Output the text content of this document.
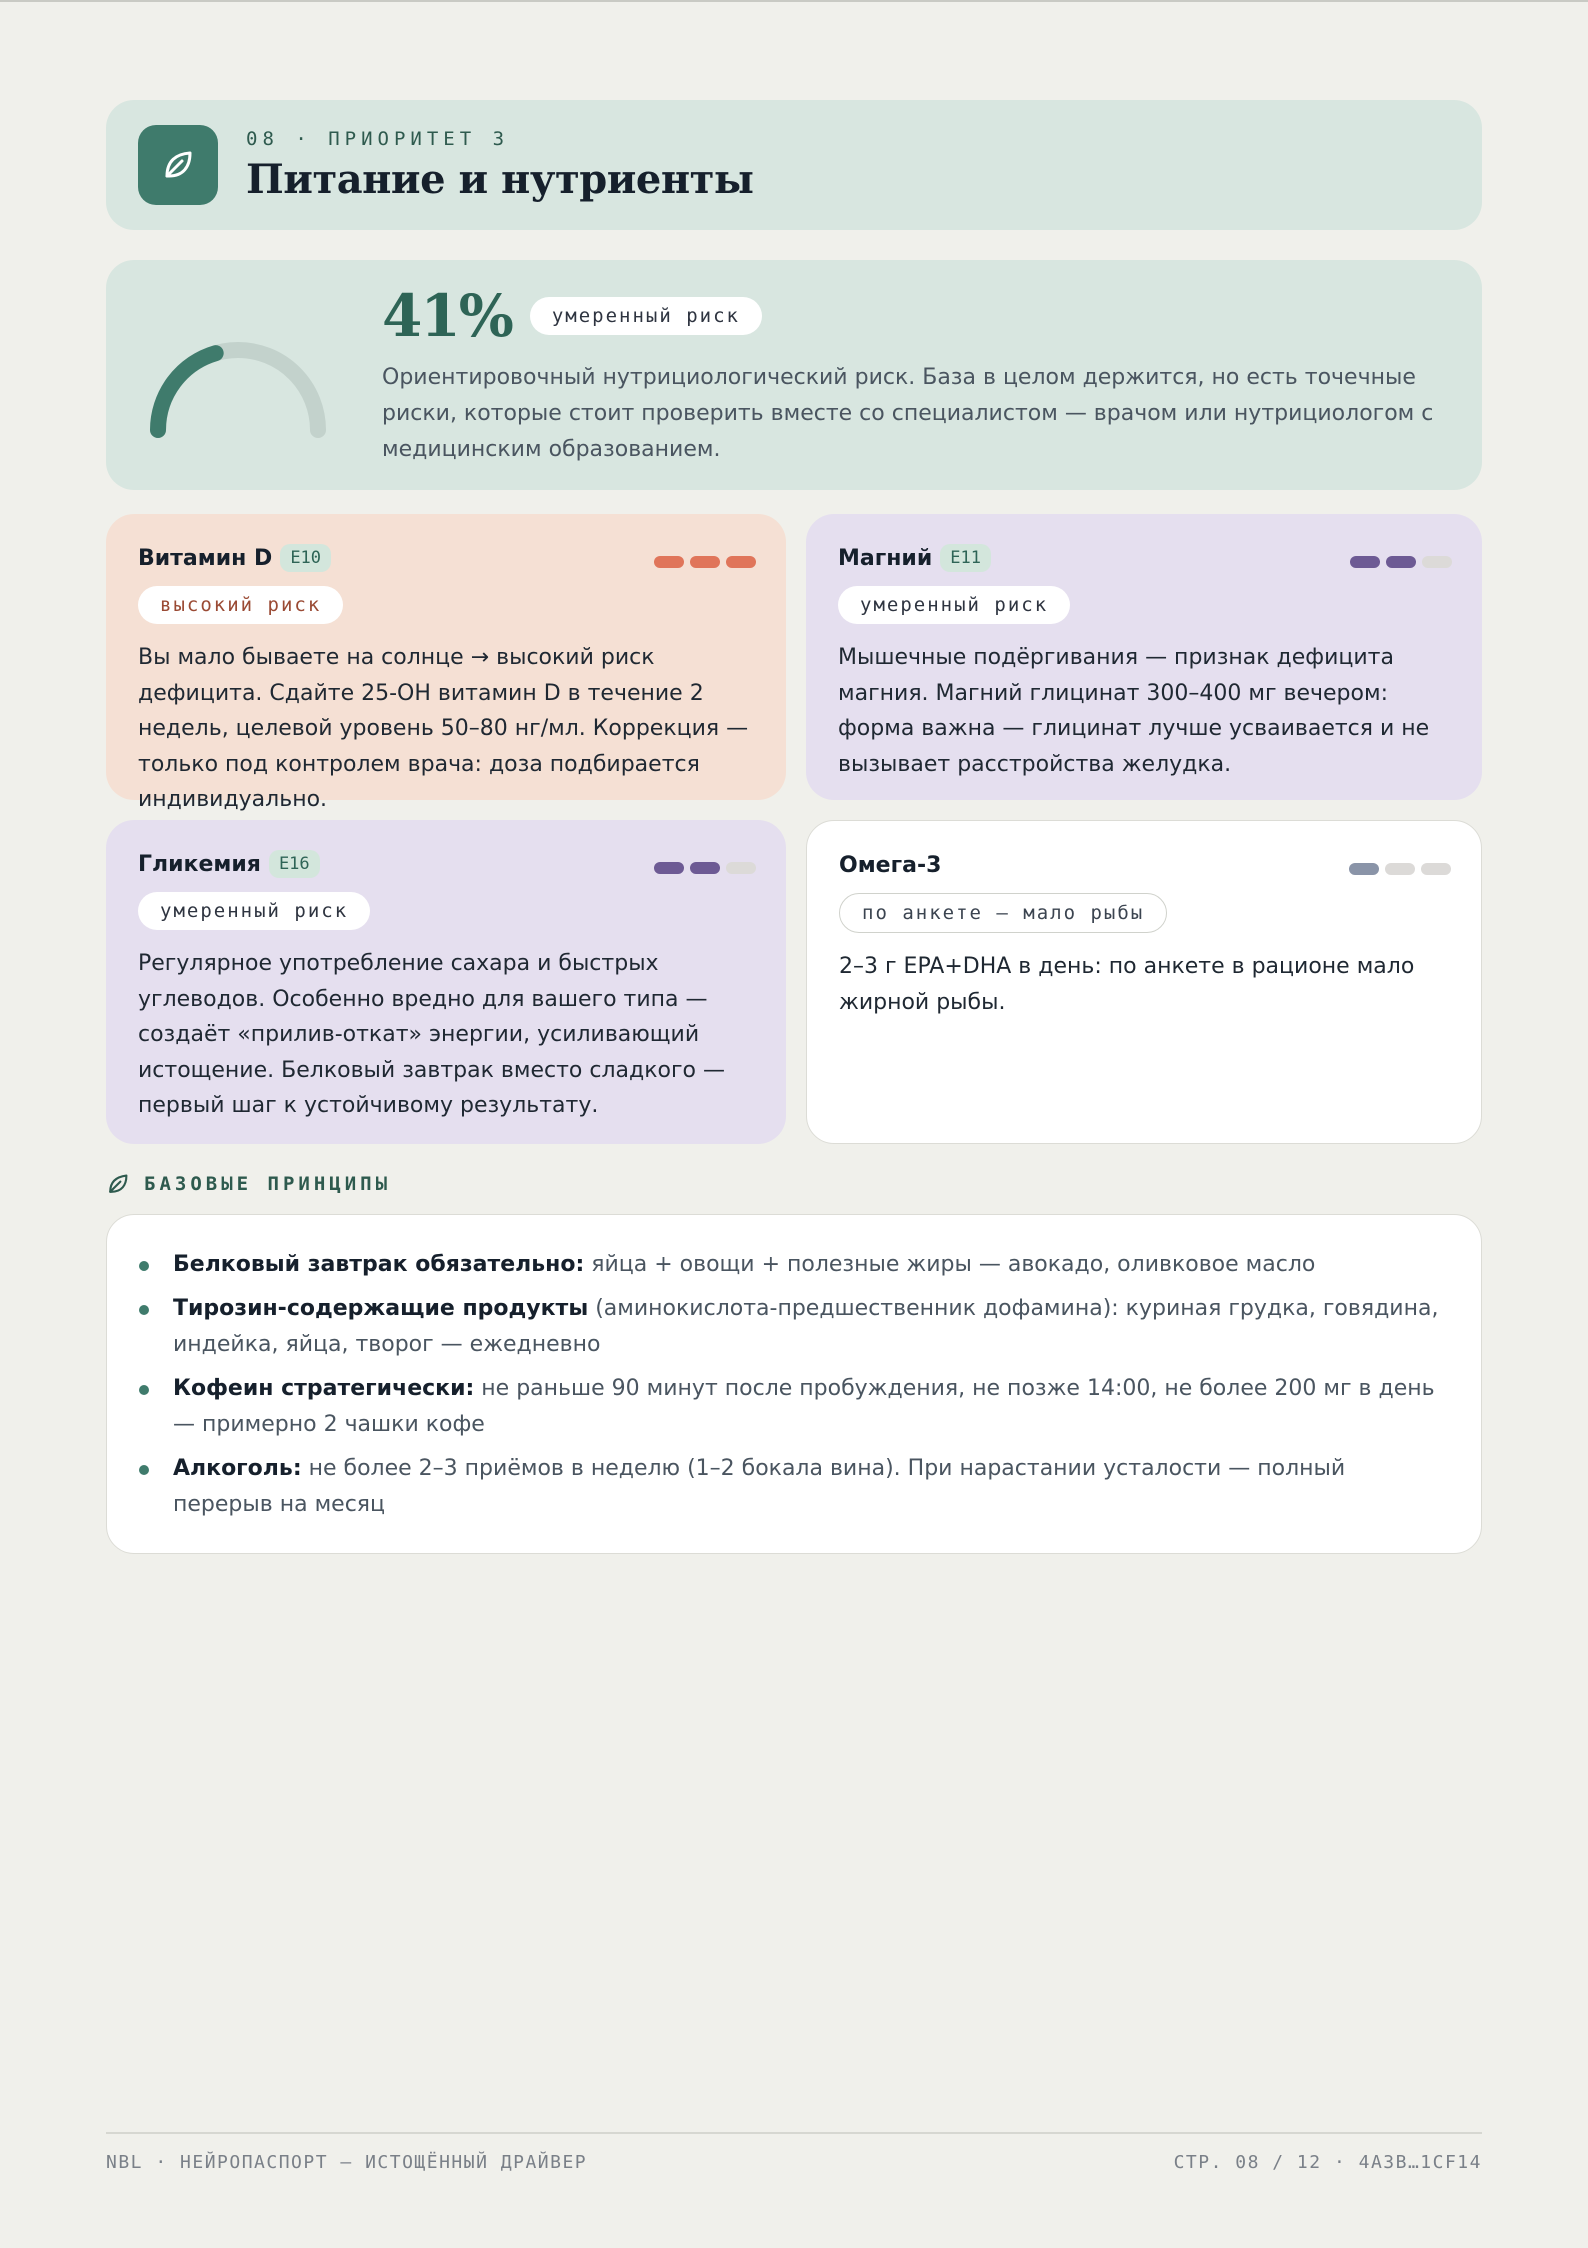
08 · ПРИОРИТЕТ 3
Питание и нутриенты
41%	умеренный риск
Ориентировочный нутрициологический риск. База в целом держится, но есть точечные риски, которые стоит проверить вместе со специалистом — врачом или нутрициологом с медицинским образованием.
Витамин D	E10
высокий риск
Вы мало бываете на солнце → высокий риск дефицита. Сдайте 25-OH витамин D в течение 2 недель, целевой уровень 50–80 нг/мл. Коррекция — только под контролем врача: доза подбирается индивидуально.
Магний	E11
умеренный риск
Мышечные подёргивания — признак дефицита магния. Магний глицинат 300–400 мг вечером: форма важна — глицинат лучше усваивается и не вызывает расстройства желудка.
Гликемия	E16
умеренный риск
Регулярное употребление сахара и быстрых углеводов. Особенно вредно для вашего типа — создаёт «прилив-откат» энергии, усиливающий истощение. Белковый завтрак вместо сладкого — первый шаг к устойчивому результату.
Омега-3
по анкете — мало рыбы
2–3 г EPA+DHA в день: по анкете в рационе мало жирной рыбы.
БАЗОВЫЕ ПРИНЦИПЫ
Белковый завтрак обязательно: яйца + овощи + полезные жиры — авокадо, оливковое масло
Тирозин-содержащие продукты (аминокислота-предшественник дофамина): куриная грудка, говядина, индейка, яйца, творог — ежедневно
Кофеин стратегически: не раньше 90 минут после пробуждения, не позже 14:00, не более 200 мг в день — примерно 2 чашки кофе
Алкоголь: не более 2–3 приёмов в неделю (1–2 бокала вина). При нарастании усталости — полный перерыв на месяц
NBL · НЕЙРОПАСПОРТ — ИСТОЩЁННЫЙ ДРАЙВЕР	СТР. 08 / 12 · 4A3B…1CF14
